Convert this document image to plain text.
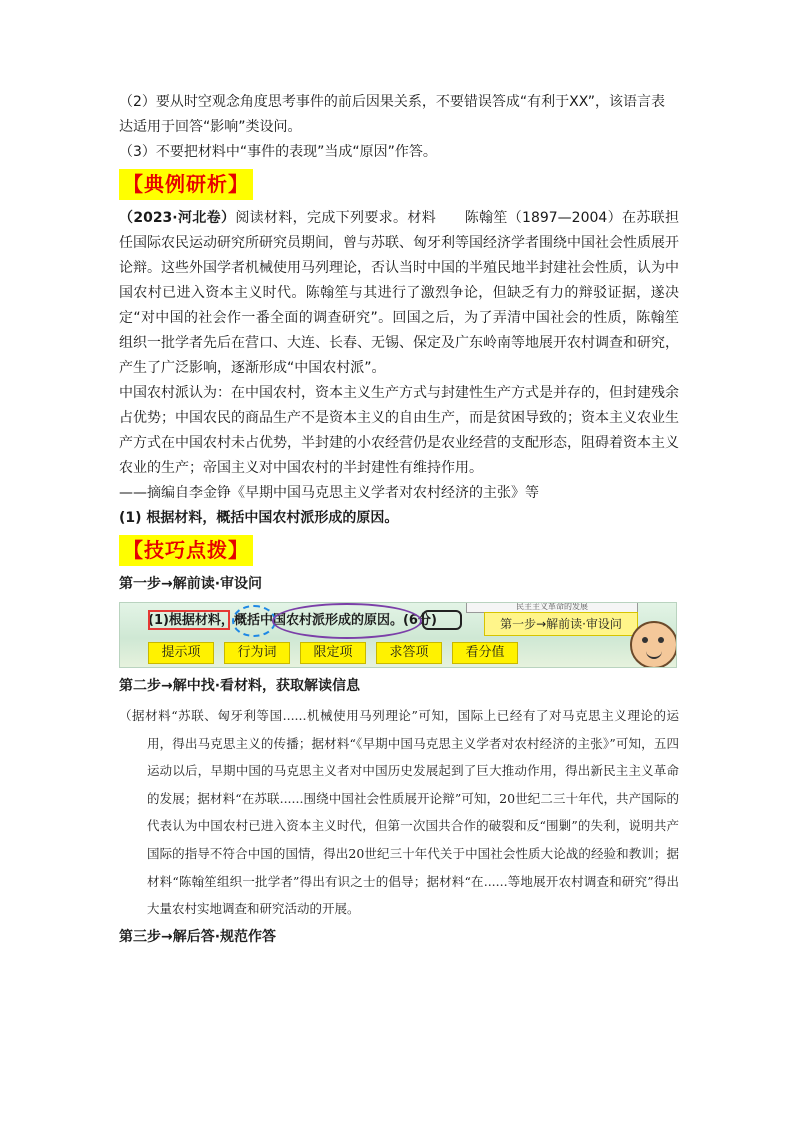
（2）要从时空观念角度思考事件的前后因果关系，不要错误答成“有利于XX”，该语言表达适用于回答“影响”类设问。

（3）不要把材料中“事件的表现”当成“原因”作答。

【典例研析】

（2023·河北卷）阅读材料，完成下列要求。材料　　陈翰笙（1897—2004）在苏联担任国际农民运动研究所研究员期间，曾与苏联、匈牙利等国经济学者围绕中国社会性质展开论辩。这些外国学者机械使用马列理论，否认当时中国的半殖民地半封建社会性质，认为中国农村已进入资本主义时代。陈翰笙与其进行了激烈争论，但缺乏有力的辩驳证据，遂决定“对中国的社会作一番全面的调查研究”。回国之后，为了弄清中国社会的性质，陈翰笙组织一批学者先后在营口、大连、长春、无锡、保定及广东岭南等地展开农村调查和研究，产生了广泛影响，逐渐形成“中国农村派”。

中国农村派认为：在中国农村，资本主义生产方式与封建性生产方式是并存的，但封建残余占优势；中国农民的商品生产不是资本主义的自由生产，而是贫困导致的；资本主义农业生产方式在中国农村未占优势，半封建的小农经营仍是农业经营的支配形态，阻碍着资本主义农业的生产；帝国主义对中国农村的半封建性有维持作用。

——摘编自李金铮《早期中国马克思主义学者对农村经济的主张》等

(1) 根据材料，概括中国农村派形成的原因。

【技巧点拨】

第一步→解前读·审设问

民主主义革命的发展
(1)根据材料，概括中国农村派形成的原因。(6分)	第一步→解前读·审设问
提示项	行为词	限定项	求答项	看分值

第二步→解中找·看材料，获取解读信息

（据材料“苏联、匈牙利等国......机械使用马列理论”可知，国际上已经有了对马克思主义理论的运用，得出马克思主义的传播；据材料“《早期中国马克思主义学者对农村经济的主张》”可知，五四运动以后，早期中国的马克思主义者对中国历史发展起到了巨大推动作用，得出新民主主义革命的发展；据材料“在苏联......围绕中国社会性质展开论辩”可知，20世纪二三十年代，共产国际的代表认为中国农村已进入资本主义时代，但第一次国共合作的破裂和反“围剿”的失利，说明共产国际的指导不符合中国的国情，得出20世纪三十年代关于中国社会性质大论战的经验和教训；据材料“陈翰笙组织一批学者”得出有识之士的倡导；据材料“在......等地展开农村调查和研究”得出大量农村实地调查和研究活动的开展。

第三步→解后答·规范作答
